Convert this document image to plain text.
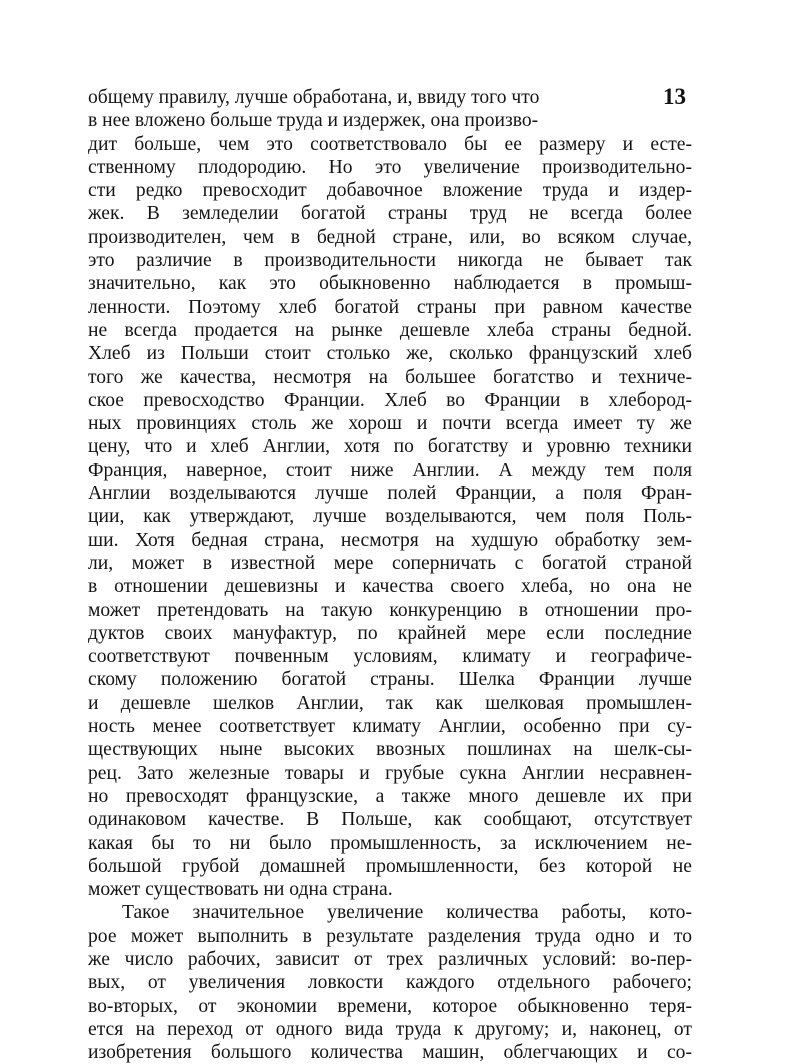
13
общему правилу, лучше обработана, и, ввиду того что
в нее вложено больше труда и издержек, она произво-
дит больше, чем это соответствовало бы ее размеру и есте-
ственному плодородию. Но это увеличение производительно-
сти редко превосходит добавочное вложение труда и издер-
жек. В земледелии богатой страны труд не всегда более
производителен, чем в бедной стране, или, во всяком случае,
это различие в производительности никогда не бывает так
значительно, как это обыкновенно наблюдается в промыш-
ленности. Поэтому хлеб богатой страны при равном качестве
не всегда продается на рынке дешевле хлеба страны бедной.
Хлеб из Польши стоит столько же, сколько французский хлеб
того же качества, несмотря на большее богатство и техниче-
ское превосходство Франции. Хлеб во Франции в хлебород-
ных провинциях столь же хорош и почти всегда имеет ту же
цену, что и хлеб Англии, хотя по богатству и уровню техники
Франция, наверное, стоит ниже Англии. А между тем поля
Англии возделываются лучше полей Франции, а поля Фран-
ции, как утверждают, лучше возделываются, чем поля Поль-
ши. Хотя бедная страна, несмотря на худшую обработку зем-
ли, может в известной мере соперничать с богатой страной
в отношении дешевизны и качества своего хлеба, но она не
может претендовать на такую конкуренцию в отношении про-
дуктов своих мануфактур, по крайней мере если последние
соответствуют почвенным условиям, климату и географиче-
скому положению богатой страны. Шелка Франции лучше
и дешевле шелков Англии, так как шелковая промышлен-
ность менее соответствует климату Англии, особенно при су-
ществующих ныне высоких ввозных пошлинах на шелк-сы-
рец. Зато железные товары и грубые сукна Англии несравнен-
но превосходят французские, а также много дешевле их при
одинаковом качестве. В Польше, как сообщают, отсутствует
какая бы то ни было промышленность, за исключением не-
большой грубой домашней промышленности, без которой не
может существовать ни одна страна.
Такое значительное увеличение количества работы, кото-
рое может выполнить в результате разделения труда одно и то
же число рабочих, зависит от трех различных условий: во-пер-
вых, от увеличения ловкости каждого отдельного рабочего;
во-вторых, от экономии времени, которое обыкновенно теря-
ется на переход от одного вида труда к другому; и, наконец, от
изобретения большого количества машин, облегчающих и со-
